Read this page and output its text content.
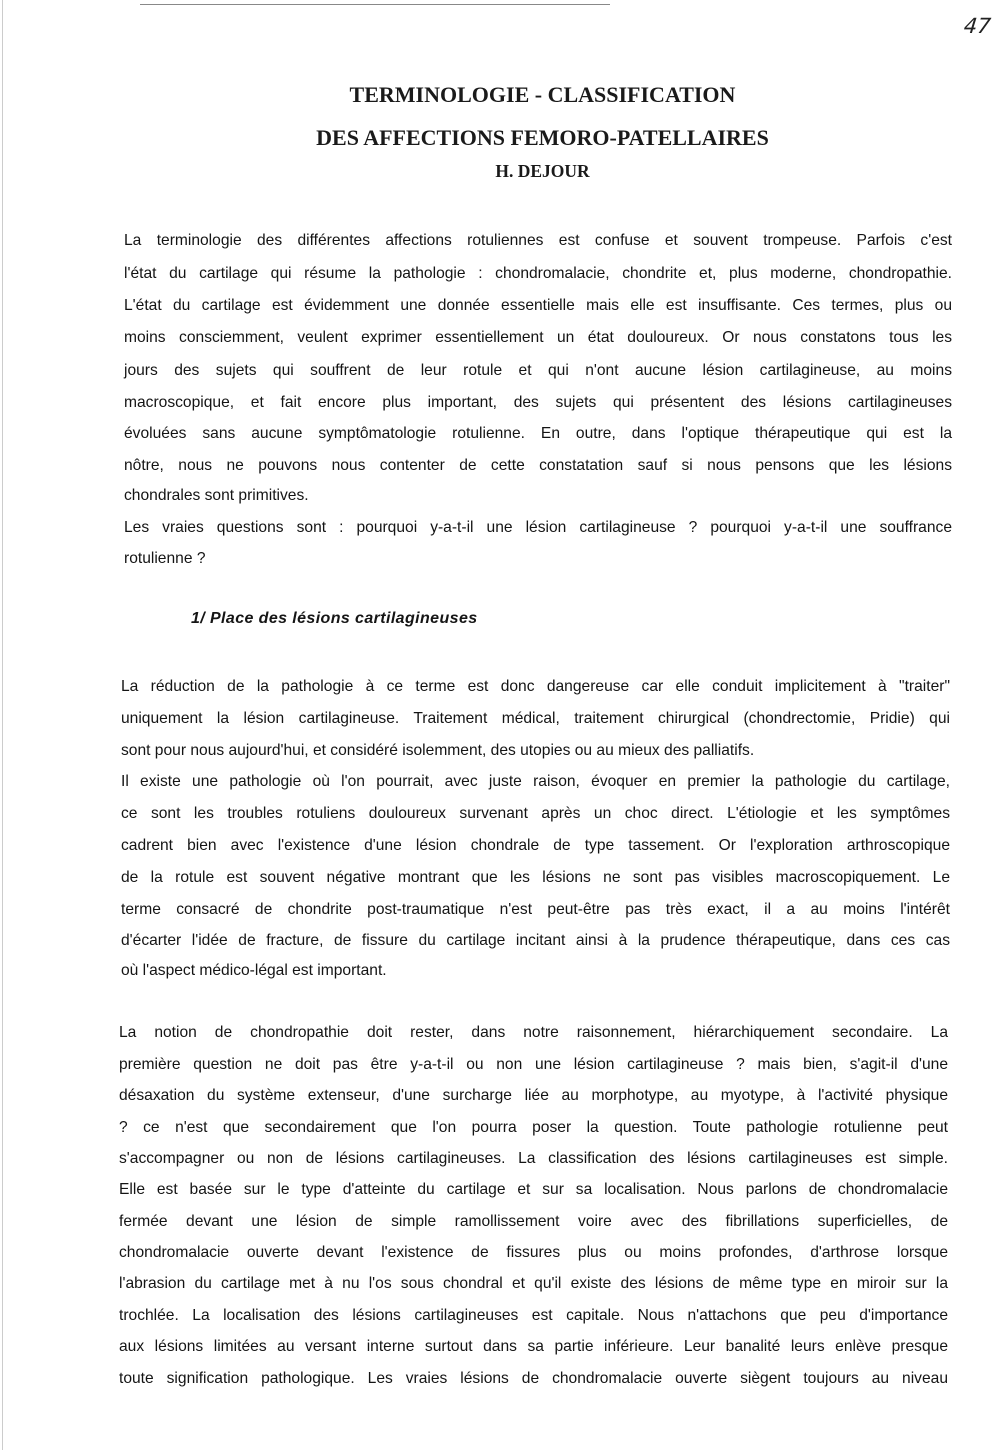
47
TERMINOLOGIE - CLASSIFICATION
DES AFFECTIONS FEMORO-PATELLAIRES
H. DEJOUR
La terminologie des différentes affections rotuliennes est confuse et souvent trompeuse. Parfois c'est
l'état du cartilage qui résume la pathologie : chondromalacie, chondrite et, plus moderne, chondropathie.
L'état du cartilage est évidemment une donnée essentielle mais elle est insuffisante. Ces termes, plus ou
moins consciemment, veulent exprimer essentiellement un état douloureux. Or nous constatons tous les
jours des sujets qui souffrent de leur rotule et qui n'ont aucune lésion cartilagineuse, au moins
macroscopique, et fait encore plus important, des sujets qui présentent des lésions cartilagineuses
évoluées sans aucune symptômatologie rotulienne. En outre, dans l'optique thérapeutique qui est la
nôtre, nous ne pouvons nous contenter de cette constatation sauf si nous pensons que les lésions
chondrales sont primitives.
Les vraies questions sont : pourquoi y-a-t-il une lésion cartilagineuse ? pourquoi y-a-t-il une souffrance
rotulienne ?
1/ Place des lésions cartilagineuses
La réduction de la pathologie à ce terme est donc dangereuse car elle conduit implicitement à "traiter"
uniquement la lésion cartilagineuse. Traitement médical, traitement chirurgical (chondrectomie, Pridie) qui
sont pour nous aujourd'hui, et considéré isolemment, des utopies ou au mieux des palliatifs.
Il existe une pathologie où l'on pourrait, avec juste raison, évoquer en premier la pathologie du cartilage,
ce sont les troubles rotuliens douloureux survenant après un choc direct. L'étiologie et les symptômes
cadrent bien avec l'existence d'une lésion chondrale de type tassement. Or l'exploration arthroscopique
de la rotule est souvent négative montrant que les lésions ne sont pas visibles macroscopiquement. Le
terme consacré de chondrite post-traumatique n'est peut-être pas très exact, il a au moins l'intérêt
d'écarter l'idée de fracture, de fissure du cartilage incitant ainsi à la prudence thérapeutique, dans ces cas
où l'aspect médico-légal est important.
La notion de chondropathie doit rester, dans notre raisonnement, hiérarchiquement secondaire. La
première question ne doit pas être y-a-t-il ou non une lésion cartilagineuse ? mais bien, s'agit-il d'une
désaxation du système extenseur, d'une surcharge liée au morphotype, au myotype, à l'activité physique
? ce n'est que secondairement que l'on pourra poser la question. Toute pathologie rotulienne peut
s'accompagner ou non de lésions cartilagineuses. La classification des lésions cartilagineuses est simple.
Elle est basée sur le type d'atteinte du cartilage et sur sa localisation. Nous parlons de chondromalacie
fermée devant une lésion de simple ramollissement voire avec des fibrillations superficielles, de
chondromalacie ouverte devant l'existence de fissures plus ou moins profondes, d'arthrose lorsque
l'abrasion du cartilage met à nu l'os sous chondral et qu'il existe des lésions de même type en miroir sur la
trochlée. La localisation des lésions cartilagineuses est capitale. Nous n'attachons que peu d'importance
aux lésions limitées au versant interne surtout dans sa partie inférieure. Leur banalité leurs enlève presque
toute signification pathologique. Les vraies lésions de chondromalacie ouverte siègent toujours au niveau
